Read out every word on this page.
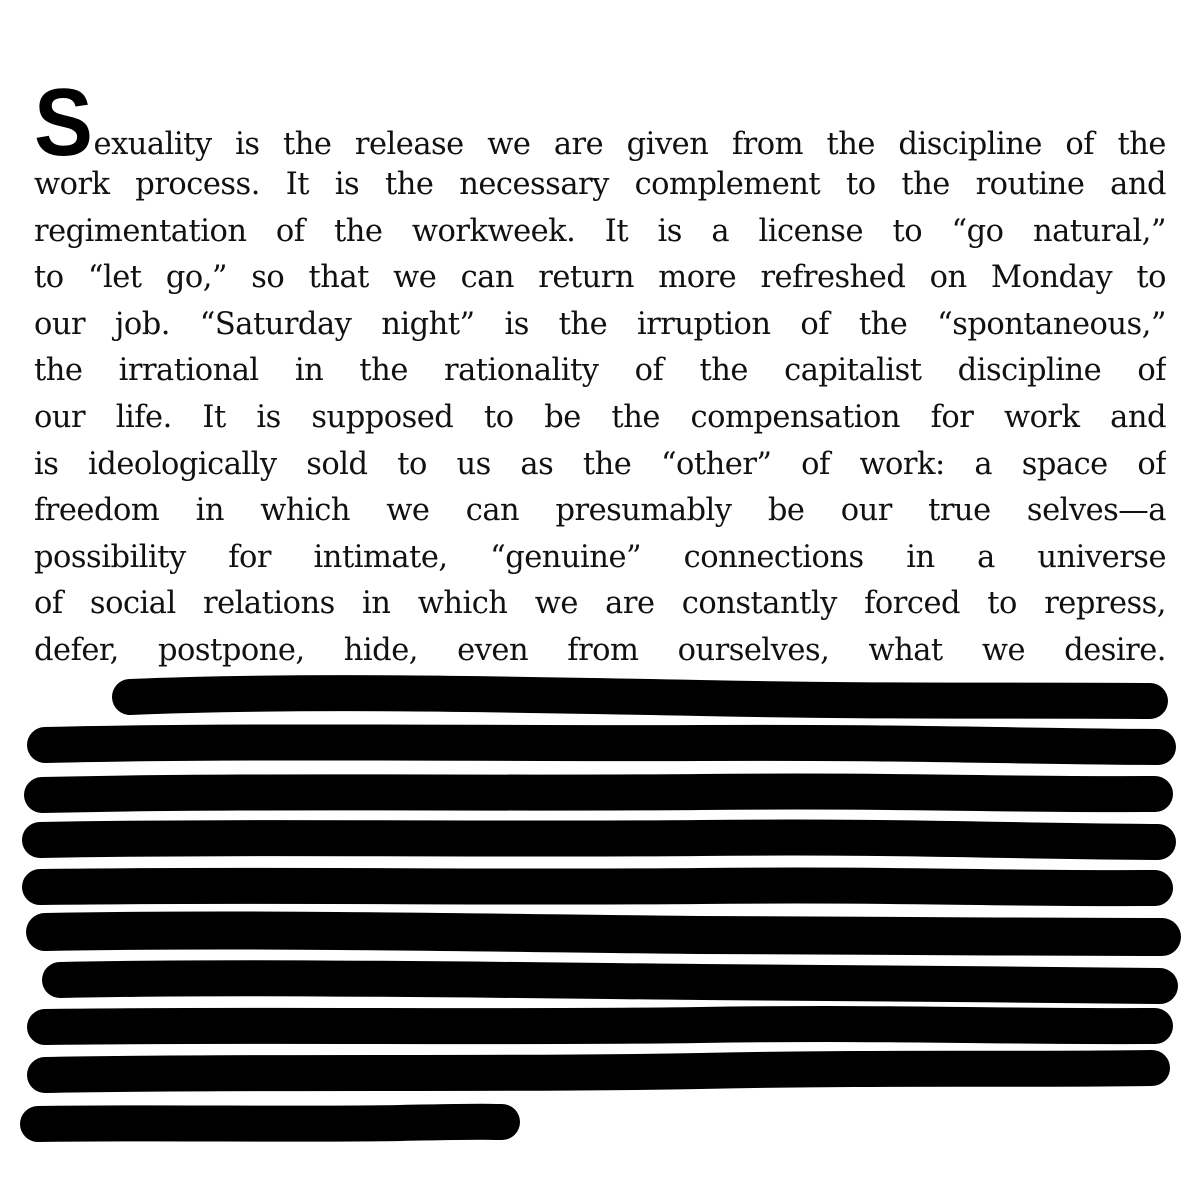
S exuality is the release we are given from the discipline of the
work process. It is the necessary complement to the routine and
regimentation of the workweek. It is a license to “go natural,”
to “let go,” so that we can return more refreshed on Monday to
our job. “Saturday night” is the irruption of the “spontaneous,”
the irrational in the rationality of the capitalist discipline of
our life. It is supposed to be the compensation for work and
is ideologically sold to us as the “other” of work: a space of
freedom in which we can presumably be our true selves—a
possibility for intimate, “genuine” connections in a universe
of social relations in which we are constantly forced to repress,
defer, postpone, hide, even from ourselves, what we desire.
